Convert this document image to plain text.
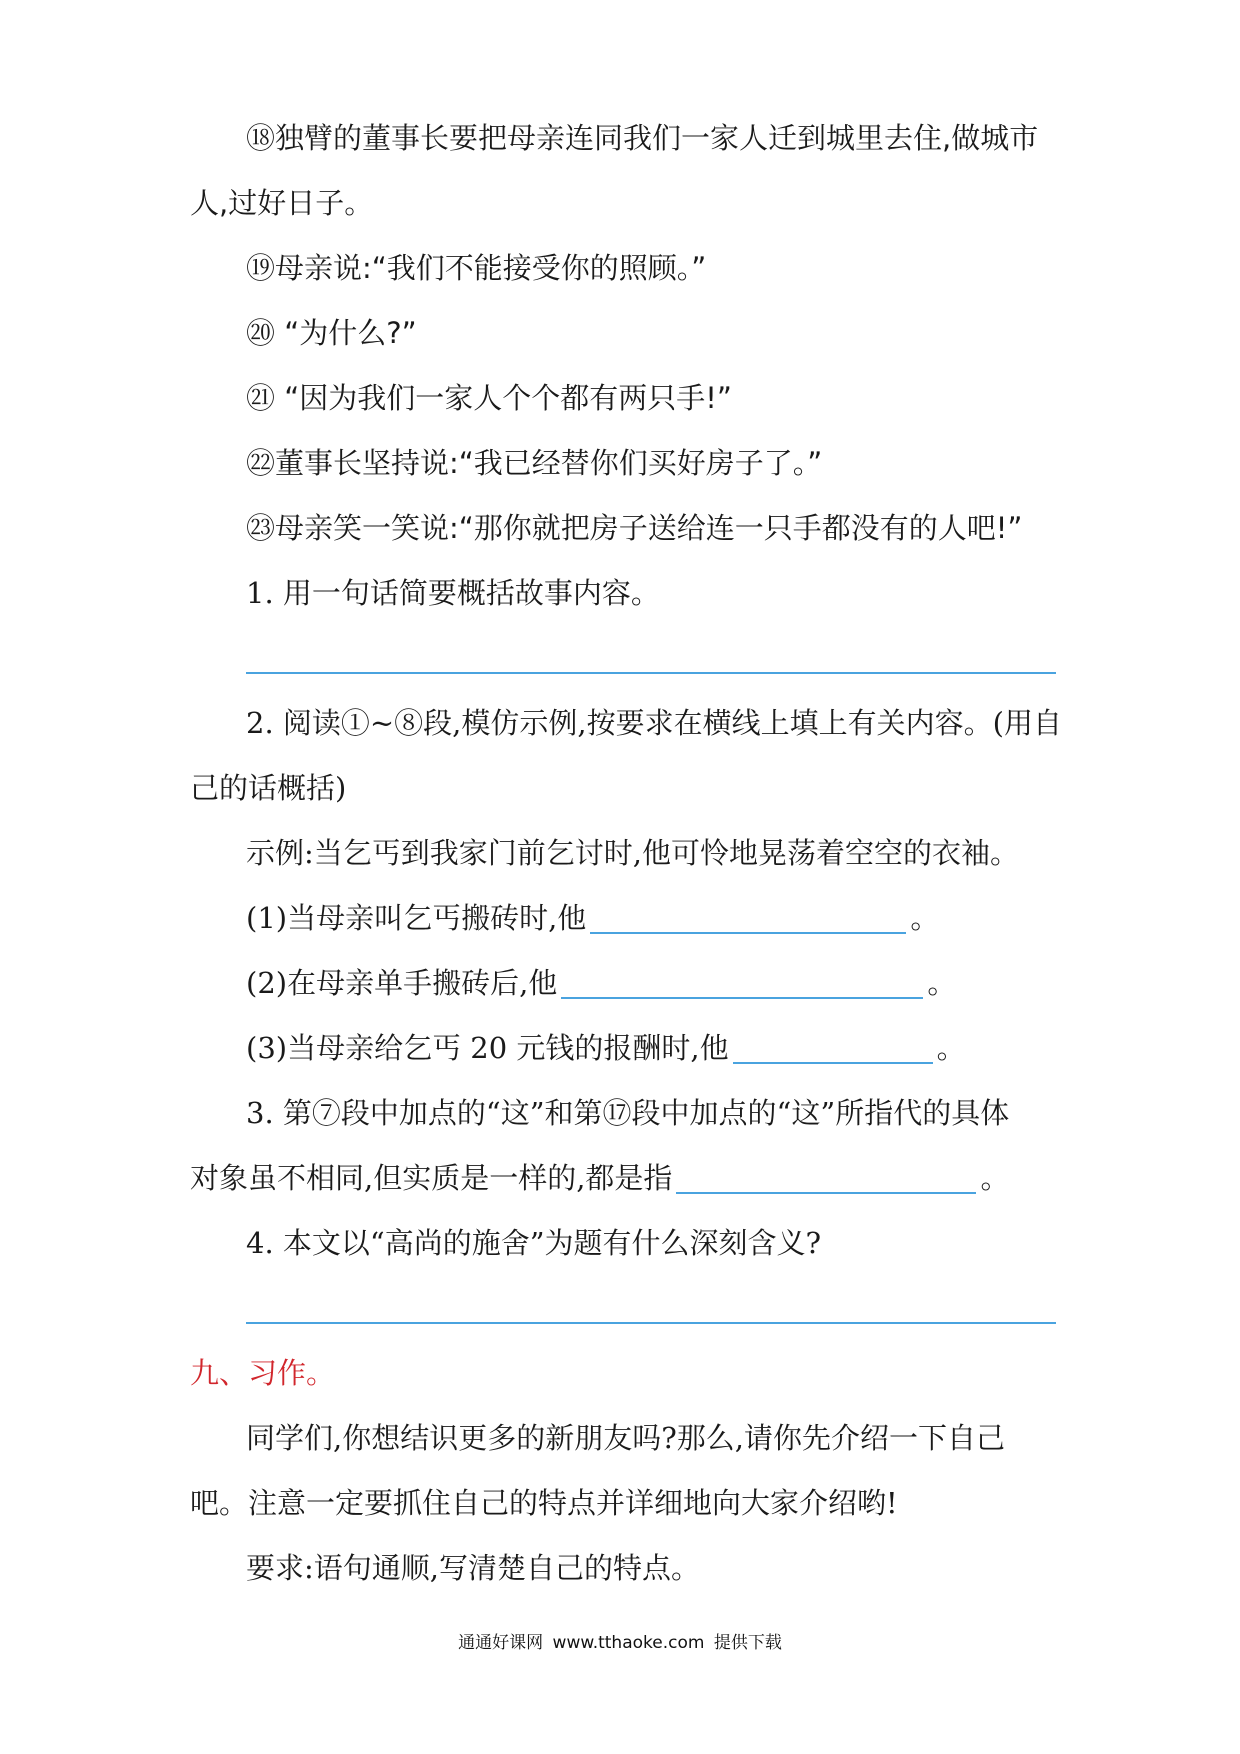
⑱独臂的董事长要把母亲连同我们一家人迁到城里去住,做城市
人,过好日子。
⑲母亲说:“我们不能接受你的照顾。”
⑳ “为什么?”
㉑ “因为我们一家人个个都有两只手!”
㉒董事长坚持说:“我已经替你们买好房子了。”
㉓母亲笑一笑说:“那你就把房子送给连一只手都没有的人吧!”
1. 用一句话简要概括故事内容。
2. 阅读①~⑧段,模仿示例,按要求在横线上填上有关内容。(用自
己的话概括)
示例:当乞丐到我家门前乞讨时,他可怜地晃荡着空空的衣袖。
(1)当母亲叫乞丐搬砖时,他	。
(2)在母亲单手搬砖后,他	。
(3)当母亲给乞丐 20 元钱的报酬时,他	。
3. 第⑦段中加点的“这”和第⑰段中加点的“这”所指代的具体
对象虽不相同,但实质是一样的,都是指	。
4. 本文以“高尚的施舍”为题有什么深刻含义?
九、习作。
同学们,你想结识更多的新朋友吗?那么,请你先介绍一下自己
吧。注意一定要抓住自己的特点并详细地向大家介绍哟!
要求:语句通顺,写清楚自己的特点。
通通好课网 www.tthaoke.com 提供下载
